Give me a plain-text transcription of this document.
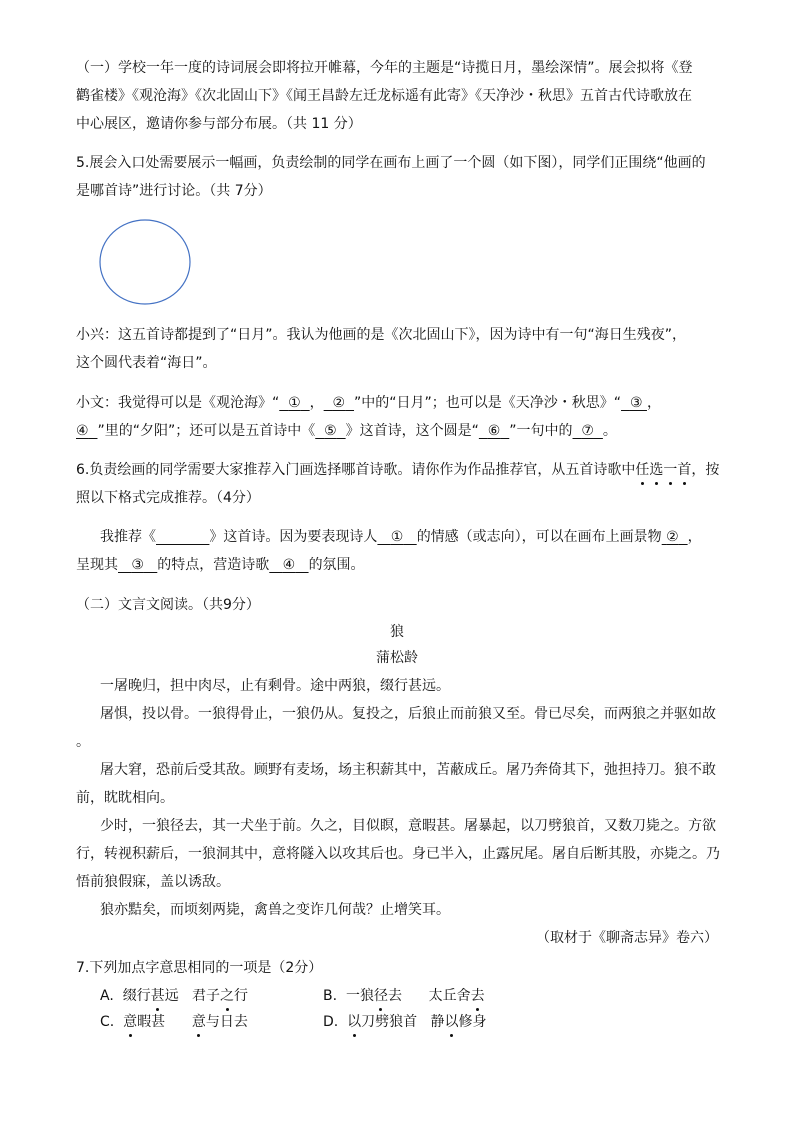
（一）学校一年一度的诗词展会即将拉开帷幕，今年的主题是“诗揽日月，墨绘深情”。展会拟将《登
鹳雀楼》《观沧海》《次北固山下》《闻王昌龄左迁龙标遥有此寄》《天净沙・秋思》五首古代诗歌放在
中心展区，邀请你参与部分布展。（共 11 分）
5.展会入口处需要展示一幅画，负责绘制的同学在画布上画了一个圆（如下图），同学们正围绕“他画的
是哪首诗”进行讨论。（共 7分）
小兴：这五首诗都提到了“日月”。我认为他画的是《次北固山下》，因为诗中有一句“海日生残夜”，
这个圆代表着“海日”。
小文：我觉得可以是《观沧海》“ ① ， ② ”中的“日月”；也可以是《天净沙・秋思》“ ③ ，
④ ”里的“夕阳”；还可以是五首诗中《 ⑤ 》这首诗，这个圆是“ ⑥ ”一句中的 ⑦ 。
6.负责绘画的同学需要大家推荐入门画选择哪首诗歌。请你作为作品推荐官，从五首诗歌中任选一首，按
照以下格式完成推荐。（4分）
我推荐《	》这首诗。因为要表现诗人 ① 的情感（或志向），可以在画布上画景物 ② ，
呈现其 ③ 的特点，营造诗歌 ④ 的氛围。
（二）文言文阅读。（共9分）
狼
蒲松龄
一屠晚归，担中肉尽，止有剩骨。途中两狼，缀行甚远。
屠惧，投以骨。一狼得骨止，一狼仍从。复投之，后狼止而前狼又至。骨已尽矣，而两狼之并驱如故
。
屠大窘，恐前后受其敌。顾野有麦场，场主积薪其中，苫蔽成丘。屠乃奔倚其下，弛担持刀。狼不敢
前，眈眈相向。
少时，一狼径去，其一犬坐于前。久之，目似瞑，意暇甚。屠暴起，以刀劈狼首，又数刀毙之。方欲
行，转视积薪后，一狼洞其中，意将隧入以攻其后也。身已半入，止露尻尾。屠自后断其股，亦毙之。乃
悟前狼假寐，盖以诱敌。
狼亦黠矣，而顷刻两毙，禽兽之变诈几何哉？止增笑耳。
（取材于《聊斋志异》卷六）
7.下列加点字意思相同的一项是（2分）
A. 缀行甚远 君子之行	B. 一狼径去 太丘舍去
C. 意暇甚 意与日去	D. 以刀劈狼首 静以修身
